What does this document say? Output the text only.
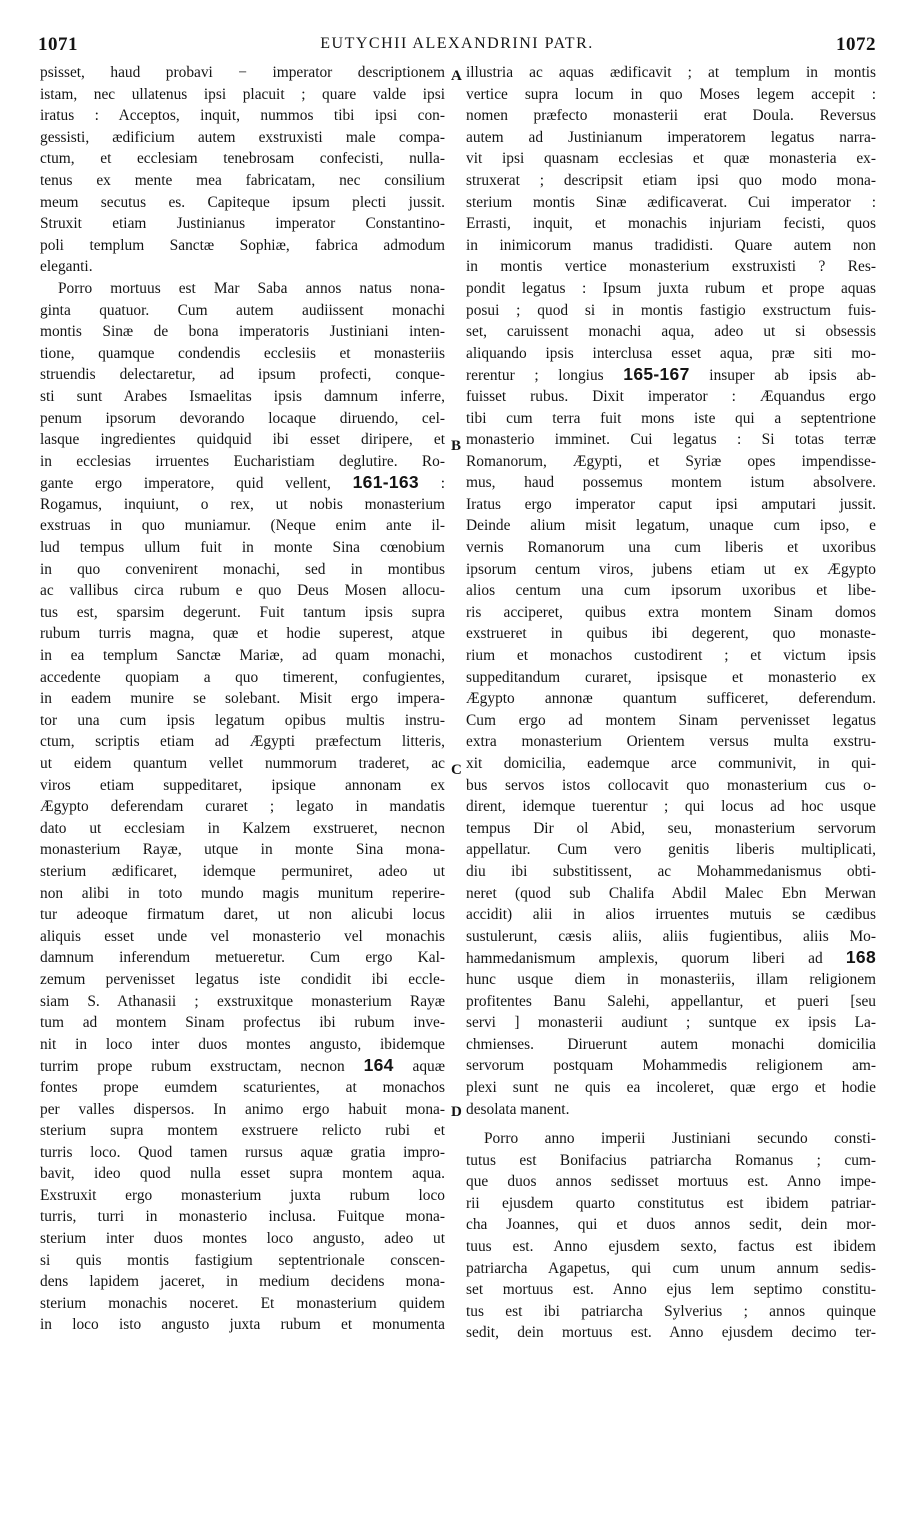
1071	EUTYCHII ALEXANDRINI PATR.	1072
A
B
C
D
psisset, haud probavi − imperator descriptionem
istam, nec ullatenus ipsi placuit ; quare valde ipsi
iratus : Acceptos, inquit, nummos tibi ipsi con-
gessisti, ædificium autem exstruxisti male compa-
ctum, et ecclesiam tenebrosam confecisti, nulla-
tenus ex mente mea fabricatam, nec consilium
meum secutus es. Capiteque ipsum plecti jussit.
Struxit etiam Justinianus imperator Constantino-
poli templum Sanctæ Sophiæ, fabrica admodum
eleganti.
Porro mortuus est Mar Saba annos natus nona-
ginta quatuor. Cum autem audiissent monachi
montis Sinæ de bona imperatoris Justiniani inten-
tione, quamque condendis ecclesiis et monasteriis
struendis delectaretur, ad ipsum profecti, conque-
sti sunt Arabes Ismaelitas ipsis damnum inferre,
penum ipsorum devorando locaque diruendo, cel-
lasque ingredientes quidquid ibi esset diripere, et
in ecclesias irruentes Eucharistiam deglutire. Ro-
gante ergo imperatore, quid vellent, 161-163 :
Rogamus, inquiunt, o rex, ut nobis monasterium
exstruas in quo muniamur. (Neque enim ante il-
lud tempus ullum fuit in monte Sina cœnobium
in quo convenirent monachi, sed in montibus
ac vallibus circa rubum e quo Deus Mosen allocu-
tus est, sparsim degerunt. Fuit tantum ipsis supra
rubum turris magna, quæ et hodie superest, atque
in ea templum Sanctæ Mariæ, ad quam monachi,
accedente quopiam a quo timerent, confugientes,
in eadem munire se solebant. Misit ergo impera-
tor una cum ipsis legatum opibus multis instru-
ctum, scriptis etiam ad Ægypti præfectum litteris,
ut eidem quantum vellet nummorum traderet, ac
viros etiam suppeditaret, ipsique annonam ex
Ægypto deferendam curaret ; legato in mandatis
dato ut ecclesiam in Kalzem exstrueret, necnon
monasterium Rayæ, utque in monte Sina mona-
sterium ædificaret, idemque permuniret, adeo ut
non alibi in toto mundo magis munitum reperire-
tur adeoque firmatum daret, ut non alicubi locus
aliquis esset unde vel monasterio vel monachis
damnum inferendum metueretur. Cum ergo Kal-
zemum pervenisset legatus iste condidit ibi eccle-
siam S. Athanasii ; exstruxitque monasterium Rayæ
tum ad montem Sinam profectus ibi rubum inve-
nit in loco inter duos montes angusto, ibidemque
turrim prope rubum exstructam, necnon 164 aquæ
fontes prope eumdem scaturientes, at monachos
per valles dispersos. In animo ergo habuit mona-
sterium supra montem exstruere relicto rubi et
turris loco. Quod tamen rursus aquæ gratia impro-
bavit, ideo quod nulla esset supra montem aqua.
Exstruxit ergo monasterium juxta rubum loco
turris, turri in monasterio inclusa. Fuitque mona-
sterium inter duos montes loco angusto, adeo ut
si quis montis fastigium septentrionale conscen-
dens lapidem jaceret, in medium decidens mona-
sterium monachis noceret. Et monasterium quidem
in loco isto angusto juxta rubum et monumenta
illustria ac aquas ædificavit ; at templum in montis
vertice supra locum in quo Moses legem accepit :
nomen præfecto monasterii erat Doula. Reversus
autem ad Justinianum imperatorem legatus narra-
vit ipsi quasnam ecclesias et quæ monasteria ex-
struxerat ; descripsit etiam ipsi quo modo mona-
sterium montis Sinæ ædificaverat. Cui imperator :
Errasti, inquit, et monachis injuriam fecisti, quos
in inimicorum manus tradidisti. Quare autem non
in montis vertice monasterium exstruxisti ? Res-
pondit legatus : Ipsum juxta rubum et prope aquas
posui ; quod si in montis fastigio exstructum fuis-
set, caruissent monachi aqua, adeo ut si obsessis
aliquando ipsis interclusa esset aqua, præ siti mo-
rerentur ; longius 165-167 insuper ab ipsis ab-
fuisset rubus. Dixit imperator : Æquandus ergo
tibi cum terra fuit mons iste qui a septentrione
monasterio imminet. Cui legatus : Si totas terræ
Romanorum, Ægypti, et Syriæ opes impendisse-
mus, haud possemus montem istum absolvere.
Iratus ergo imperator caput ipsi amputari jussit.
Deinde alium misit legatum, unaque cum ipso, e
vernis Romanorum una cum liberis et uxoribus
ipsorum centum viros, jubens etiam ut ex Ægypto
alios centum una cum ipsorum uxoribus et libe-
ris acciperet, quibus extra montem Sinam domos
exstrueret in quibus ibi degerent, quo monaste-
rium et monachos custodirent ; et victum ipsis
suppeditandum curaret, ipsisque et monasterio ex
Ægypto annonæ quantum sufficeret, deferendum.
Cum ergo ad montem Sinam pervenisset legatus
extra monasterium Orientem versus multa exstru-
xit domicilia, eademque arce communivit, in qui-
bus servos istos collocavit quo monasterium cus o-
dirent, idemque tuerentur ; qui locus ad hoc usque
tempus Dir ol Abid, seu, monasterium servorum
appellatur. Cum vero genitis liberis multiplicati,
diu ibi substitissent, ac Mohammedanismus obti-
neret (quod sub Chalifa Abdil Malec Ebn Merwan
accidit) alii in alios irruentes mutuis se cædibus
sustulerunt, cæsis aliis, aliis fugientibus, aliis Mo-
hammedanismum amplexis, quorum liberi ad 168
hunc usque diem in monasteriis, illam religionem
profitentes Banu Salehi, appellantur, et pueri [seu
servi ] monasterii audiunt ; suntque ex ipsis La-
chmienses. Diruerunt autem monachi domicilia
servorum postquam Mohammedis religionem am-
plexi sunt ne quis ea incoleret, quæ ergo et hodie
desolata manent.
Porro anno imperii Justiniani secundo consti-
tutus est Bonifacius patriarcha Romanus ; cum-
que duos annos sedisset mortuus est. Anno impe-
rii ejusdem quarto constitutus est ibidem patriar-
cha Joannes, qui et duos annos sedit, dein mor-
tuus est. Anno ejusdem sexto, factus est ibidem
patriarcha Agapetus, qui cum unum annum sedis-
set mortuus est. Anno ejus lem septimo constitu-
tus est ibi patriarcha Sylverius ; annos quinque
sedit, dein mortuus est. Anno ejusdem decimo ter-
